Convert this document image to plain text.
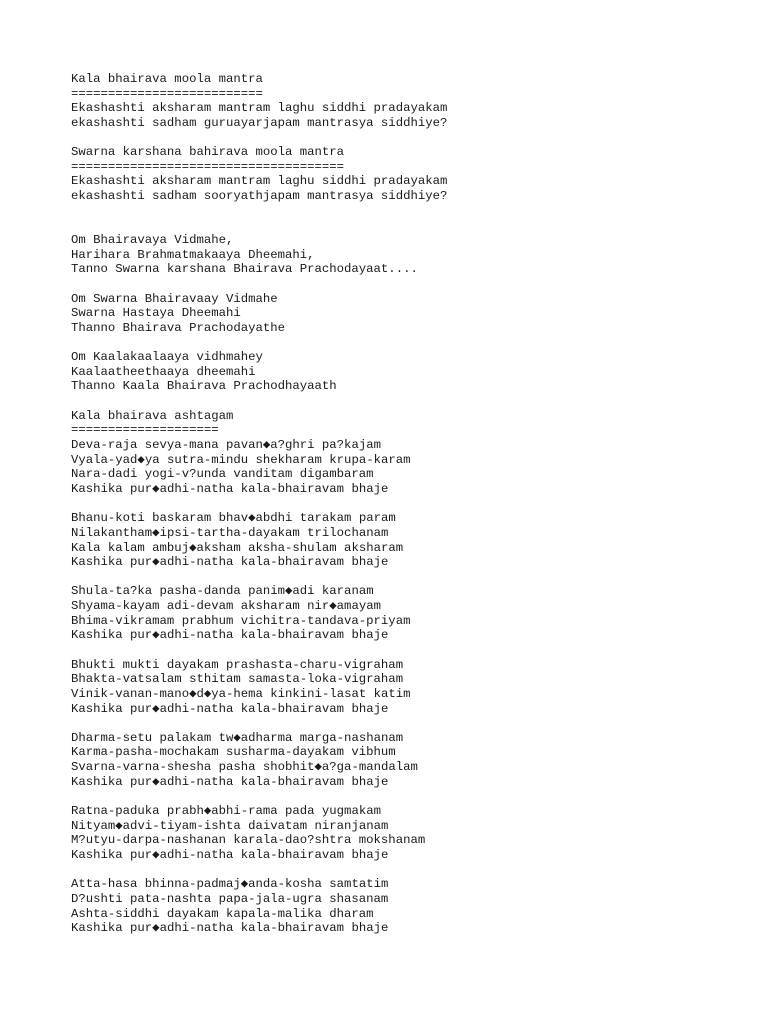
Kala bhairava moola mantra
==========================
Ekashashti aksharam mantram laghu siddhi pradayakam
ekashashti sadham guruayarjapam mantrasya siddhiye?
Swarna karshana bahirava moola mantra
=====================================
Ekashashti aksharam mantram laghu siddhi pradayakam
ekashashti sadham sooryathjapam mantrasya siddhiye?
Om Bhairavaya Vidmahe,
Harihara Brahmatmakaaya Dheemahi,
Tanno Swarna karshana Bhairava Prachodayaat....
Om Swarna Bhairavaay Vidmahe
Swarna Hastaya Dheemahi
Thanno Bhairava Prachodayathe
Om Kaalakaalaaya vidhmahey
Kaalaatheethaaya dheemahi
Thanno Kaala Bhairava Prachodhayaath
Kala bhairava ashtagam
====================
Deva-raja sevya-mana pavan◆a?ghri pa?kajam
Vyala-yad◆ya sutra-mindu shekharam krupa-karam
Nara-dadi yogi-v?unda vanditam digambaram
Kashika pur◆adhi-natha kala-bhairavam bhaje
Bhanu-koti baskaram bhav◆abdhi tarakam param
Nilakantham◆ipsi-tartha-dayakam trilochanam
Kala kalam ambuj◆aksham aksha-shulam aksharam
Kashika pur◆adhi-natha kala-bhairavam bhaje
Shula-ta?ka pasha-danda panim◆adi karanam
Shyama-kayam adi-devam aksharam nir◆amayam
Bhima-vikramam prabhum vichitra-tandava-priyam
Kashika pur◆adhi-natha kala-bhairavam bhaje
Bhukti mukti dayakam prashasta-charu-vigraham
Bhakta-vatsalam sthitam samasta-loka-vigraham
Vinik-vanan-mano◆d◆ya-hema kinkini-lasat katim
Kashika pur◆adhi-natha kala-bhairavam bhaje
Dharma-setu palakam tw◆adharma marga-nashanam
Karma-pasha-mochakam susharma-dayakam vibhum
Svarna-varna-shesha pasha shobhit◆a?ga-mandalam
Kashika pur◆adhi-natha kala-bhairavam bhaje
Ratna-paduka prabh◆abhi-rama pada yugmakam
Nityam◆advi-tiyam-ishta daivatam niranjanam
M?utyu-darpa-nashanan karala-dao?shtra mokshanam
Kashika pur◆adhi-natha kala-bhairavam bhaje
Atta-hasa bhinna-padmaj◆anda-kosha samtatim
D?ushti pata-nashta papa-jala-ugra shasanam
Ashta-siddhi dayakam kapala-malika dharam
Kashika pur◆adhi-natha kala-bhairavam bhaje
